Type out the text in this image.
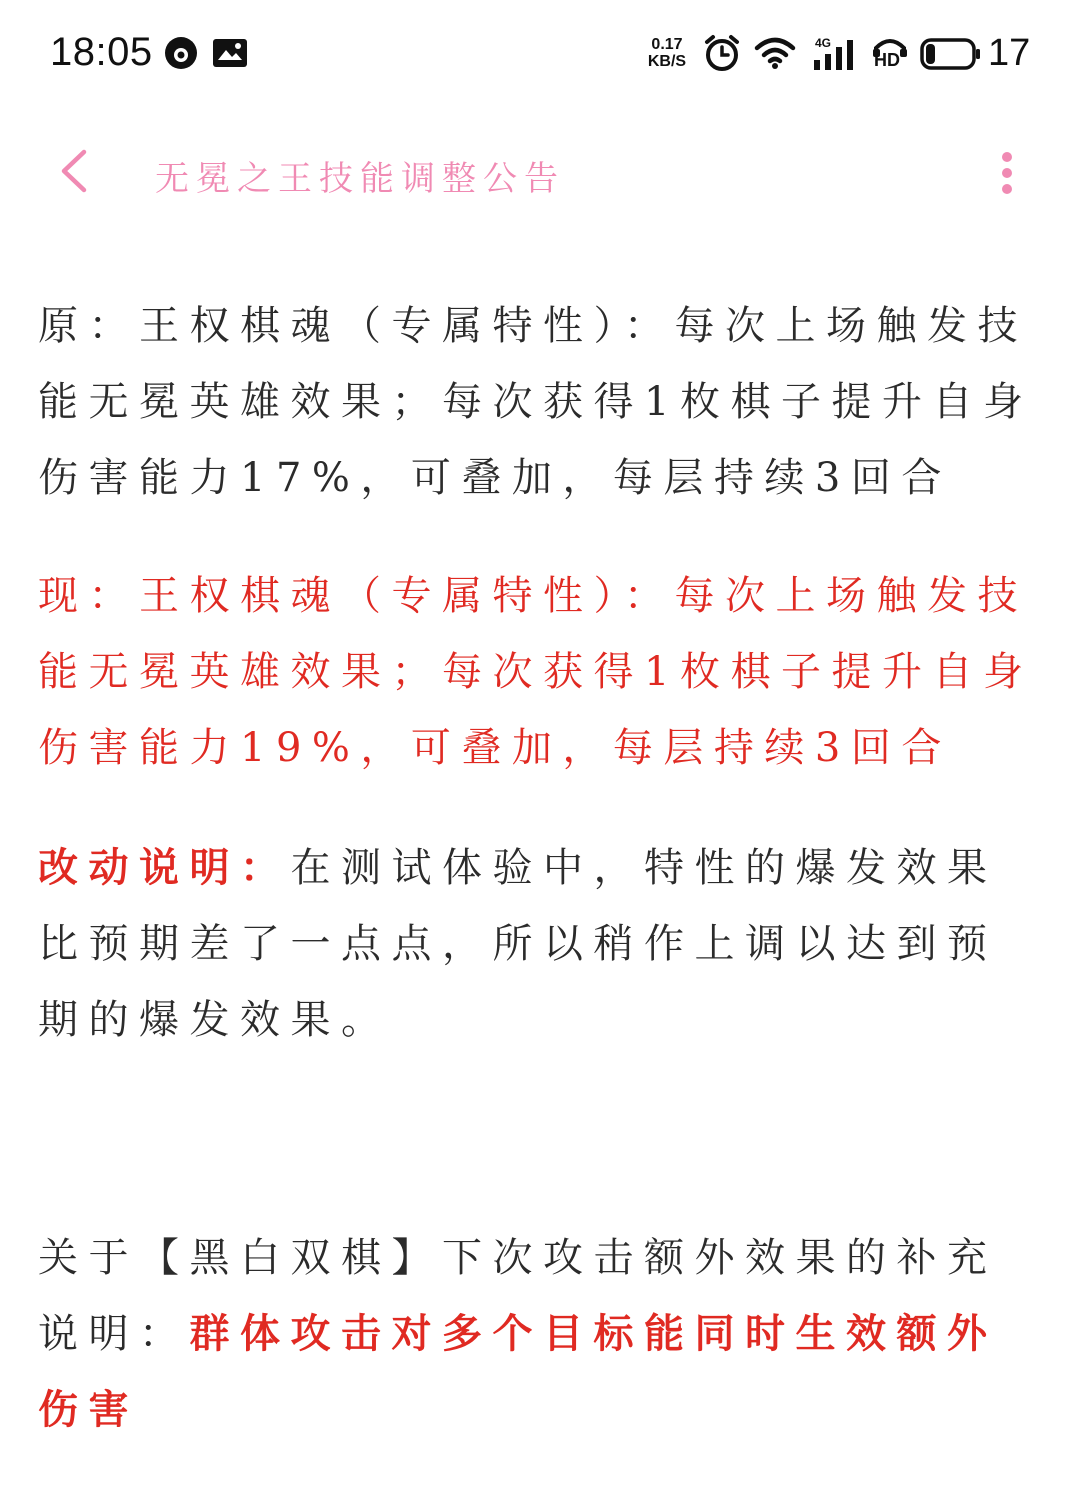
18:05	0.17
KB/S
4G
HD 17
无冕之王技能调整公告

原：王权棋魂（专属特性）：每次上场触发技能无冕英雄效果；每次获得1枚棋子提升自身伤害能力17%，可叠加，每层持续3回合

现：王权棋魂（专属特性）：每次上场触发技能无冕英雄效果；每次获得1枚棋子提升自身伤害能力19%，可叠加，每层持续3回合

改动说明：在测试体验中，特性的爆发效果比预期差了一点点，所以稍作上调以达到预期的爆发效果。

关于【黑白双棋】下次攻击额外效果的补充说明：群体攻击对多个目标能同时生效额外伤害
